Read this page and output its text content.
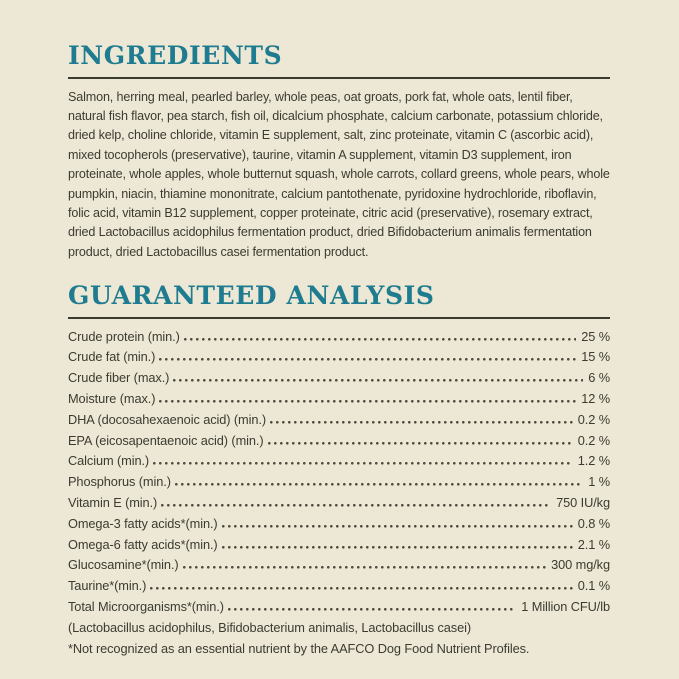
INGREDIENTS

Salmon, herring meal, pearled barley, whole peas, oat groats, pork fat, whole oats, lentil fiber, natural fish flavor, pea starch, fish oil, dicalcium phosphate, calcium carbonate, potassium chloride, dried kelp, choline chloride, vitamin E supplement, salt, zinc proteinate, vitamin C (ascorbic acid), mixed tocopherols (preservative), taurine, vitamin A supplement, vitamin D3 supplement, iron proteinate, whole apples, whole butternut squash, whole carrots, collard greens, whole pears, whole pumpkin, niacin, thiamine mononitrate, calcium pantothenate, pyridoxine hydrochloride, riboflavin, folic acid, vitamin B12 supplement, copper proteinate, citric acid (preservative), rosemary extract, dried Lactobacillus acidophilus fermentation product, dried Bifidobacterium animalis fermentation product, dried Lactobacillus casei fermentation product.

GUARANTEED ANALYSIS
Crude protein (min.)	25 %
Crude fat (min.)	15 %
Crude fiber (max.)	6 %
Moisture (max.)	12 %
DHA (docosahexaenoic acid) (min.)	0.2 %
EPA (eicosapentaenoic acid) (min.)	0.2 %
Calcium (min.)	1.2 %
Phosphorus (min.)	1 %
Vitamin E (min.)	750 IU/kg
Omega-3 fatty acids*(min.)	0.8 %
Omega-6 fatty acids*(min.)	2.1 %
Glucosamine*(min.)	300 mg/kg
Taurine*(min.)	0.1 %
Total Microorganisms*(min.)	1 Million CFU/lb

(Lactobacillus acidophilus, Bifidobacterium animalis, Lactobacillus casei)

*Not recognized as an essential nutrient by the AAFCO Dog Food Nutrient Profiles.
